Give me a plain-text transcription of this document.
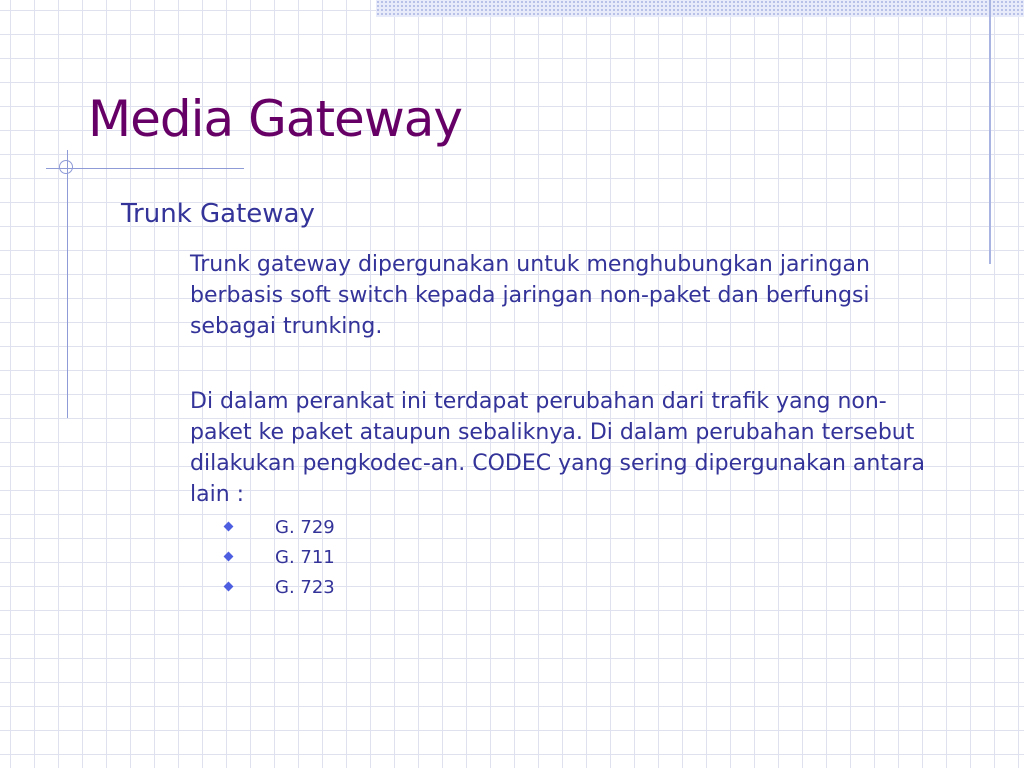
Media Gateway
Trunk Gateway
Trunk gateway dipergunakan untuk menghubungkan jaringan berbasis soft switch kepada jaringan non-paket dan berfungsi sebagai trunking.
Di dalam perankat ini terdapat perubahan dari trafik yang non-paket ke paket ataupun sebaliknya. Di dalam perubahan tersebut dilakukan pengkodec-an. CODEC yang sering dipergunakan antara lain :
G. 729
G. 711
G. 723
